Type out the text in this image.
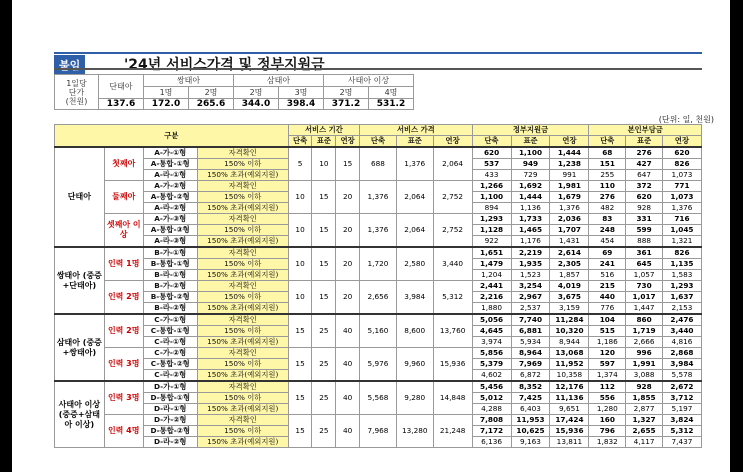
붙임	'24년 서비스가격 및 정부지원금
1일당
단가
(천원)	단태아	쌍태아		삼태아		사태아 이상	
		1명	2명	2명	3명	2명	4명
	137.6	172.0	265.6	344.0	398.4	371.2	531.2
(단위: 일, 천원)
구분				서비스 기간			서비스 가격			정부지원금			본인부담금		
				단축	표준	연장	단축	표준	연장	단축	표준	연장	단축	표준	연장
단태아	첫째아	A-가-①형	자격확인	5	10	15	688	1,376	2,064	620	1,100	1,444	68	276	620
		A-통합-①형	150% 이하							537	949	1,238	151	427	826
		A-라-①형	150% 초과(예외지원)							433	729	991	255	647	1,073
	둘째아	A-가-②형	자격확인	10	15	20	1,376	2,064	2,752	1,266	1,692	1,981	110	372	771
		A-통합-②형	150% 이하							1,100	1,444	1,679	276	620	1,073
		A-라-②형	150% 초과(예외지원)							894	1,136	1,376	482	928	1,376
	셋째아 이상	A-가-③형	자격확인	10	15	20	1,376	2,064	2,752	1,293	1,733	2,036	83	331	716
		A-통합-③형	150% 이하							1,128	1,465	1,707	248	599	1,045
		A-라-③형	150% 초과(예외지원)							922	1,176	1,431	454	888	1,321
쌍태아 (중증+단태아)	인력 1명	B-가-①형	자격확인	10	15	20	1,720	2,580	3,440	1,651	2,219	2,614	69	361	826
		B-통합-①형	150% 이하							1,479	1,935	2,305	241	645	1,135
		B-라-①형	150% 초과(예외지원)							1,204	1,523	1,857	516	1,057	1,583
	인력 2명	B-가-②형	자격확인	10	15	20	2,656	3,984	5,312	2,441	3,254	4,019	215	730	1,293
		B-통합-②형	150% 이하							2,216	2,967	3,675	440	1,017	1,637
		B-라-②형	150% 초과(예외지원)							1,880	2,537	3,159	776	1,447	2,153
삼태아 (중증+쌍태아)	인력 2명	C-가-①형	자격확인	15	25	40	5,160	8,600	13,760	5,056	7,740	11,284	104	860	2,476
		C-통합-①형	150% 이하							4,645	6,881	10,320	515	1,719	3,440
		C-라-①형	150% 초과(예외지원)							3,974	5,934	8,944	1,186	2,666	4,816
	인력 3명	C-가-②형	자격확인	15	25	40	5,976	9,960	15,936	5,856	8,964	13,068	120	996	2,868
		C-통합-②형	150% 이하							5,379	7,969	11,952	597	1,991	3,984
		C-라-②형	150% 초과(예외지원)							4,602	6,872	10,358	1,374	3,088	5,578
사태아 이상 (중증+삼태아 이상)	인력 3명	D-가-①형	자격확인	15	25	40	5,568	9,280	14,848	5,456	8,352	12,176	112	928	2,672
		D-통합-①형	150% 이하							5,012	7,425	11,136	556	1,855	3,712
		D-라-①형	150% 초과(예외지원)							4,288	6,403	9,651	1,280	2,877	5,197
	인력 4명	D-가-②형	자격확인	15	25	40	7,968	13,280	21,248	7,808	11,953	17,424	160	1,327	3,824
		D-통합-②형	150% 이하							7,172	10,625	15,936	796	2,655	5,312
		D-라-②형	150% 초과(예외지원)							6,136	9,163	13,811	1,832	4,117	7,437
